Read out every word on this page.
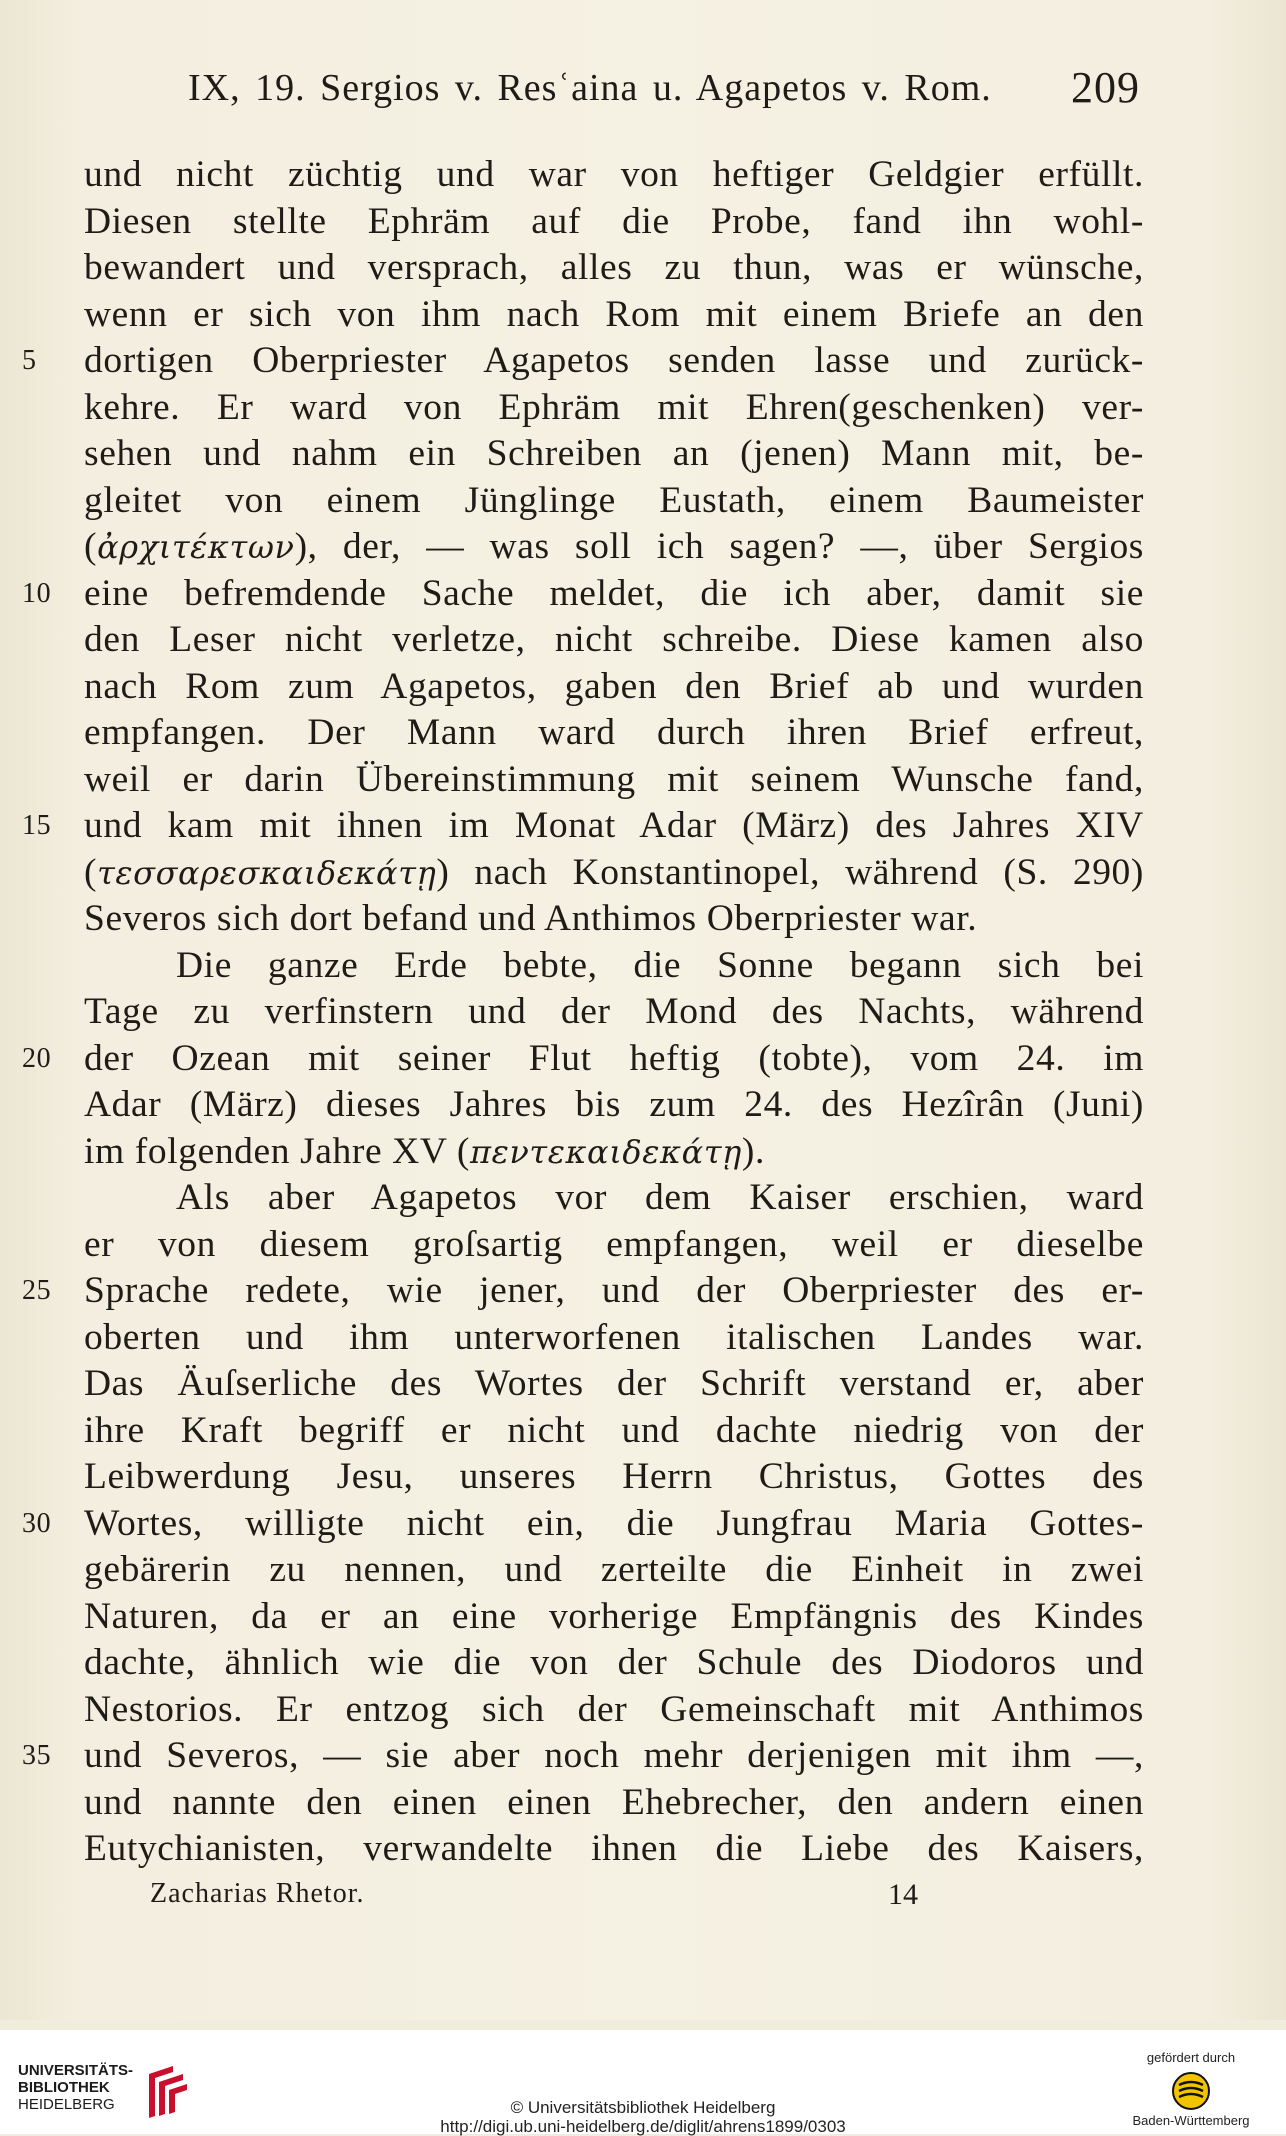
IX, 19. Sergios v. Resʿaina u. Agapetos v. Rom. 209
und nicht züchtig und war von heftiger Geldgier erfüllt.
Diesen stellte Ephräm auf die Probe, fand ihn wohl-
bewandert und versprach, alles zu thun, was er wünsche,
wenn er sich von ihm nach Rom mit einem Briefe an den
5	dortigen Oberpriester Agapetos senden lasse und zurück-
kehre. Er ward von Ephräm mit Ehren(geschenken) ver-
sehen und nahm ein Schreiben an (jenen) Mann mit, be-
gleitet von einem Jünglinge Eustath, einem Baumeister
(ἀρχιτέκτων), der, — was soll ich sagen? —, über Sergios
10 eine befremdende Sache meldet, die ich aber, damit sie
den Leser nicht verletze, nicht schreibe. Diese kamen also
nach Rom zum Agapetos, gaben den Brief ab und wurden
empfangen. Der Mann ward durch ihren Brief erfreut,
weil er darin Übereinstimmung mit seinem Wunsche fand,
15 und kam mit ihnen im Monat Adar (März) des Jahres XIV
(τεσσαρεσκαιδεκάτῃ) nach Konstantinopel, während (S. 290)
Severos sich dort befand und Anthimos Oberpriester war.
Die ganze Erde bebte, die Sonne begann sich bei
Tage zu verfinstern und der Mond des Nachts, während
20 der Ozean mit seiner Flut heftig (tobte), vom 24. im
Adar (März) dieses Jahres bis zum 24. des Hezîrân (Juni)
im folgenden Jahre XV (πεντεκαιδεκάτῃ).
Als aber Agapetos vor dem Kaiser erschien, ward
er von diesem groſsartig empfangen, weil er dieselbe
25 Sprache redete, wie jener, und der Oberpriester des er-
oberten und ihm unterworfenen italischen Landes war.
Das Äuſserliche des Wortes der Schrift verstand er, aber
ihre Kraft begriff er nicht und dachte niedrig von der
Leibwerdung Jesu, unseres Herrn Christus, Gottes des
30 Wortes, willigte nicht ein, die Jungfrau Maria Gottes-
gebärerin zu nennen, und zerteilte die Einheit in zwei
Naturen, da er an eine vorherige Empfängnis des Kindes
dachte, ähnlich wie die von der Schule des Diodoros und
Nestorios. Er entzog sich der Gemeinschaft mit Anthimos
35 und Severos, — sie aber noch mehr derjenigen mit ihm —,
und nannte den einen einen Ehebrecher, den andern einen
Eutychianisten, verwandelte ihnen die Liebe des Kaisers,
Zacharias Rhetor.	14
UNIVERSITÄTS-
BIBLIOTHEK
HEIDELBERG	© Universitätsbibliothek Heidelberg
http://digi.ub.uni-heidelberg.de/diglit/ahrens1899/0303
gefördert durch
Baden-Württemberg
